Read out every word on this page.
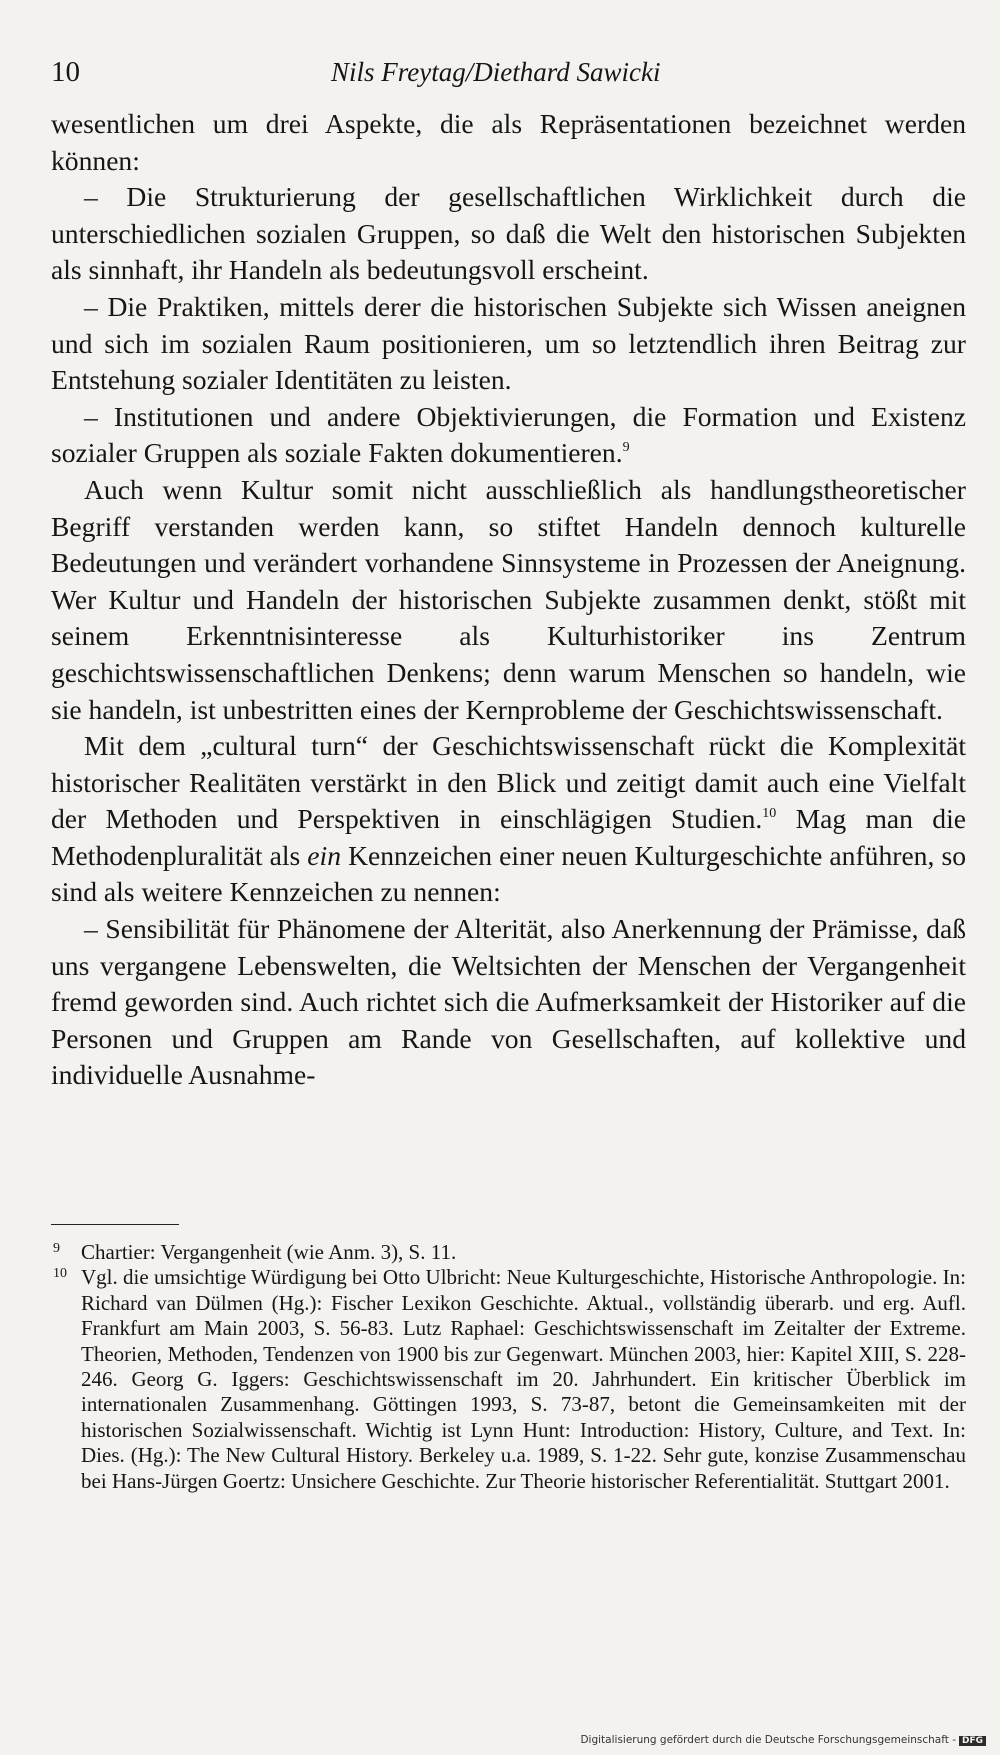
10	Nils Freytag/Diethard Sawicki

wesentlichen um drei Aspekte, die als Repräsentationen bezeichnet werden können:

– Die Strukturierung der gesellschaftlichen Wirklichkeit durch die unterschiedlichen sozialen Gruppen, so daß die Welt den historischen Subjekten als sinnhaft, ihr Handeln als bedeutungsvoll erscheint.

– Die Praktiken, mittels derer die historischen Subjekte sich Wissen aneignen und sich im sozialen Raum positionieren, um so letztendlich ihren Beitrag zur Entstehung sozialer Identitäten zu leisten.

– Institutionen und andere Objektivierungen, die Formation und Existenz sozialer Gruppen als soziale Fakten dokumentieren.$^9$

Auch wenn Kultur somit nicht ausschließlich als handlungstheoretischer Begriff verstanden werden kann, so stiftet Handeln dennoch kulturelle Bedeutungen und verändert vorhandene Sinnsysteme in Prozessen der Aneignung. Wer Kultur und Handeln der historischen Subjekte zusammen denkt, stößt mit seinem Erkenntnisinteresse als Kulturhistoriker ins Zentrum geschichtswissenschaftlichen Denkens; denn warum Menschen so handeln, wie sie handeln, ist unbestritten eines der Kernprobleme der Geschichtswissenschaft.

Mit dem „cultural turn“ der Geschichtswissenschaft rückt die Komplexität historischer Realitäten verstärkt in den Blick und zeitigt damit auch eine Vielfalt der Methoden und Perspektiven in einschlägigen Studien.$^{10}$ Mag man die Methodenpluralität als ein Kennzeichen einer neuen Kulturgeschichte anführen, so sind als weitere Kennzeichen zu nennen:

– Sensibilität für Phänomene der Alterität, also Anerkennung der Prämisse, daß uns vergangene Lebenswelten, die Weltsichten der Menschen der Vergangenheit fremd geworden sind. Auch richtet sich die Aufmerksamkeit der Historiker auf die Personen und Gruppen am Rande von Gesellschaften, auf kollektive und individuelle Ausnahme-

9 Chartier: Vergangenheit (wie Anm. 3), S. 11.

10 Vgl. die umsichtige Würdigung bei Otto Ulbricht: Neue Kulturgeschichte, Historische Anthropologie. In: Richard van Dülmen (Hg.): Fischer Lexikon Geschichte. Aktual., vollständig überarb. und erg. Aufl. Frankfurt am Main 2003, S. 56-83. Lutz Raphael: Geschichtswissenschaft im Zeitalter der Extreme. Theorien, Methoden, Tendenzen von 1900 bis zur Gegenwart. München 2003, hier: Kapitel XIII, S. 228-246. Georg G. Iggers: Geschichtswissenschaft im 20. Jahrhundert. Ein kritischer Überblick im internationalen Zusammenhang. Göttingen 1993, S. 73-87, betont die Gemeinsamkeiten mit der historischen Sozialwissenschaft. Wichtig ist Lynn Hunt: Introduction: History, Culture, and Text. In: Dies. (Hg.): The New Cultural History. Berkeley u.a. 1989, S. 1-22. Sehr gute, konzise Zusammenschau bei Hans-Jürgen Goertz: Unsichere Geschichte. Zur Theorie historischer Referentialität. Stuttgart 2001.

Digitalisierung gefördert durch die Deutsche Forschungsgemeinschaft - DFG
